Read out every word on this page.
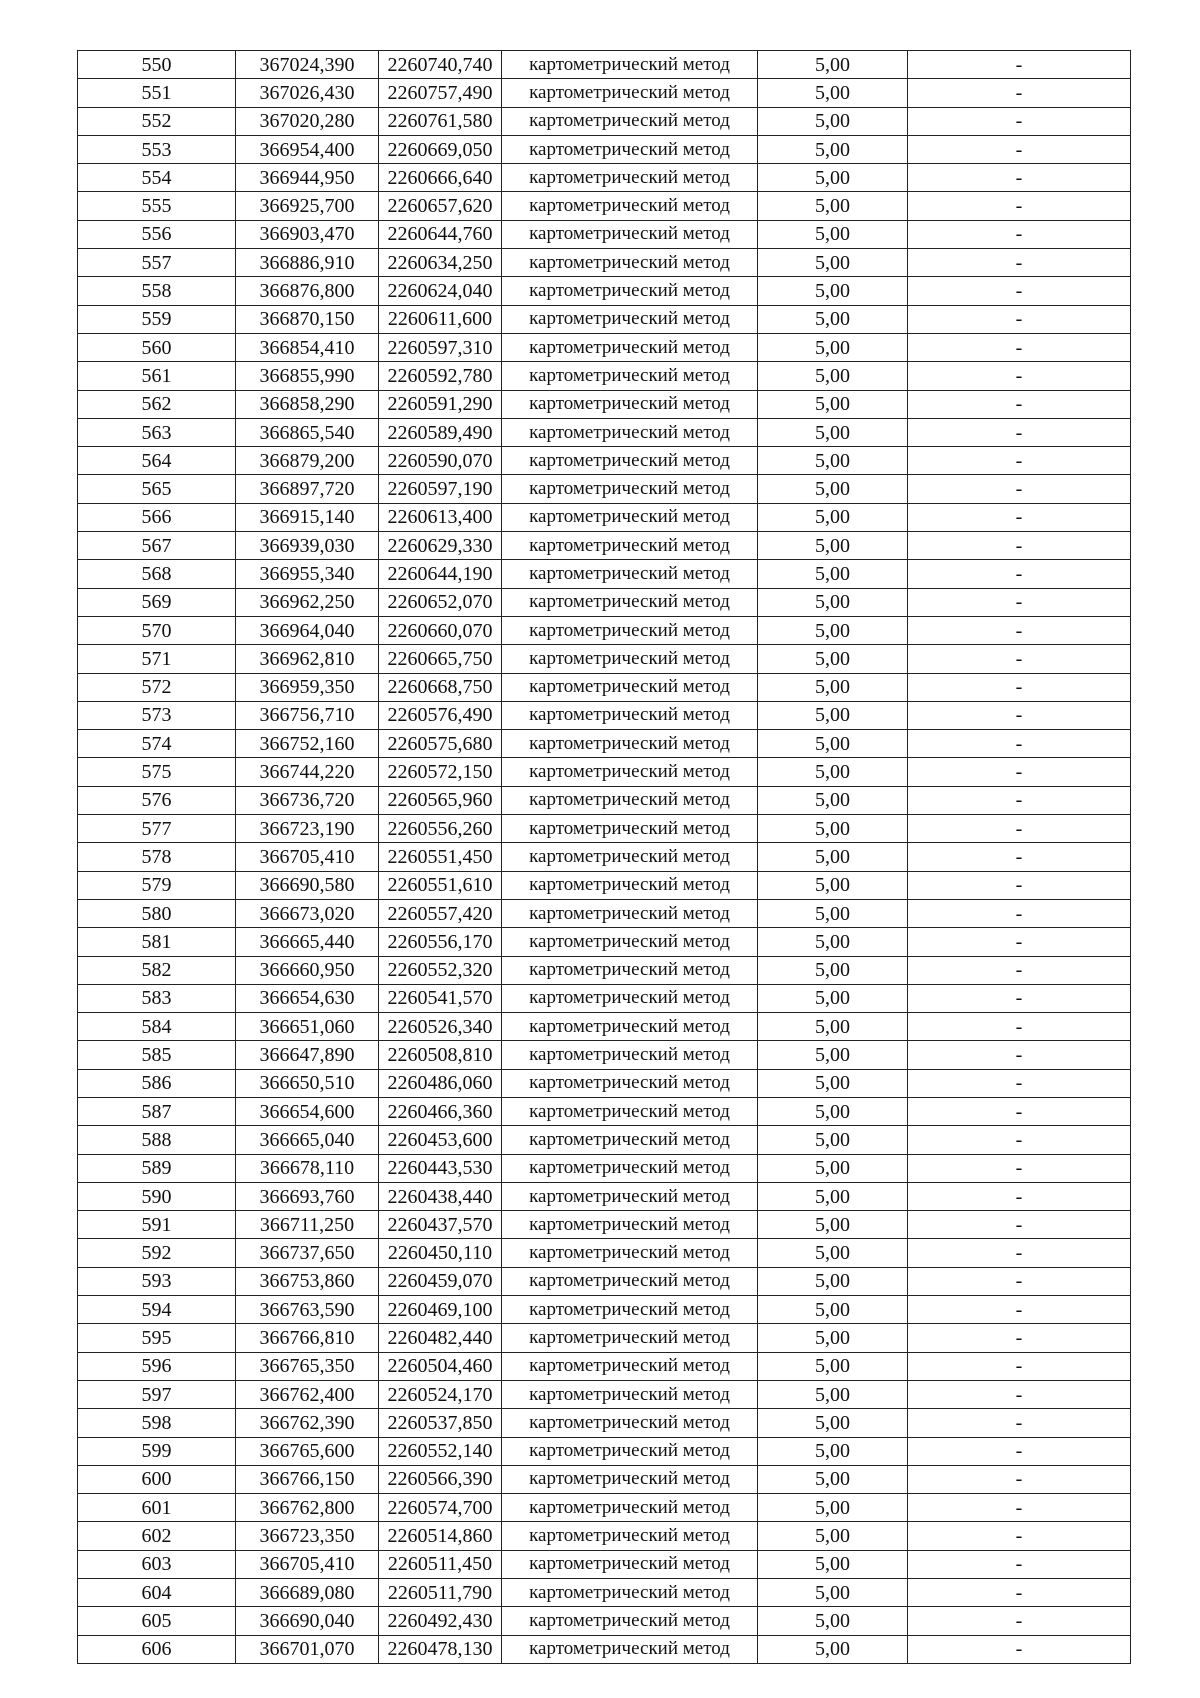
550	367024,390	2260740,740	картометрический метод	5,00	-
551	367026,430	2260757,490	картометрический метод	5,00	-
552	367020,280	2260761,580	картометрический метод	5,00	-
553	366954,400	2260669,050	картометрический метод	5,00	-
554	366944,950	2260666,640	картометрический метод	5,00	-
555	366925,700	2260657,620	картометрический метод	5,00	-
556	366903,470	2260644,760	картометрический метод	5,00	-
557	366886,910	2260634,250	картометрический метод	5,00	-
558	366876,800	2260624,040	картометрический метод	5,00	-
559	366870,150	2260611,600	картометрический метод	5,00	-
560	366854,410	2260597,310	картометрический метод	5,00	-
561	366855,990	2260592,780	картометрический метод	5,00	-
562	366858,290	2260591,290	картометрический метод	5,00	-
563	366865,540	2260589,490	картометрический метод	5,00	-
564	366879,200	2260590,070	картометрический метод	5,00	-
565	366897,720	2260597,190	картометрический метод	5,00	-
566	366915,140	2260613,400	картометрический метод	5,00	-
567	366939,030	2260629,330	картометрический метод	5,00	-
568	366955,340	2260644,190	картометрический метод	5,00	-
569	366962,250	2260652,070	картометрический метод	5,00	-
570	366964,040	2260660,070	картометрический метод	5,00	-
571	366962,810	2260665,750	картометрический метод	5,00	-
572	366959,350	2260668,750	картометрический метод	5,00	-
573	366756,710	2260576,490	картометрический метод	5,00	-
574	366752,160	2260575,680	картометрический метод	5,00	-
575	366744,220	2260572,150	картометрический метод	5,00	-
576	366736,720	2260565,960	картометрический метод	5,00	-
577	366723,190	2260556,260	картометрический метод	5,00	-
578	366705,410	2260551,450	картометрический метод	5,00	-
579	366690,580	2260551,610	картометрический метод	5,00	-
580	366673,020	2260557,420	картометрический метод	5,00	-
581	366665,440	2260556,170	картометрический метод	5,00	-
582	366660,950	2260552,320	картометрический метод	5,00	-
583	366654,630	2260541,570	картометрический метод	5,00	-
584	366651,060	2260526,340	картометрический метод	5,00	-
585	366647,890	2260508,810	картометрический метод	5,00	-
586	366650,510	2260486,060	картометрический метод	5,00	-
587	366654,600	2260466,360	картометрический метод	5,00	-
588	366665,040	2260453,600	картометрический метод	5,00	-
589	366678,110	2260443,530	картометрический метод	5,00	-
590	366693,760	2260438,440	картометрический метод	5,00	-
591	366711,250	2260437,570	картометрический метод	5,00	-
592	366737,650	2260450,110	картометрический метод	5,00	-
593	366753,860	2260459,070	картометрический метод	5,00	-
594	366763,590	2260469,100	картометрический метод	5,00	-
595	366766,810	2260482,440	картометрический метод	5,00	-
596	366765,350	2260504,460	картометрический метод	5,00	-
597	366762,400	2260524,170	картометрический метод	5,00	-
598	366762,390	2260537,850	картометрический метод	5,00	-
599	366765,600	2260552,140	картометрический метод	5,00	-
600	366766,150	2260566,390	картометрический метод	5,00	-
601	366762,800	2260574,700	картометрический метод	5,00	-
602	366723,350	2260514,860	картометрический метод	5,00	-
603	366705,410	2260511,450	картометрический метод	5,00	-
604	366689,080	2260511,790	картометрический метод	5,00	-
605	366690,040	2260492,430	картометрический метод	5,00	-
606	366701,070	2260478,130	картометрический метод	5,00	-
